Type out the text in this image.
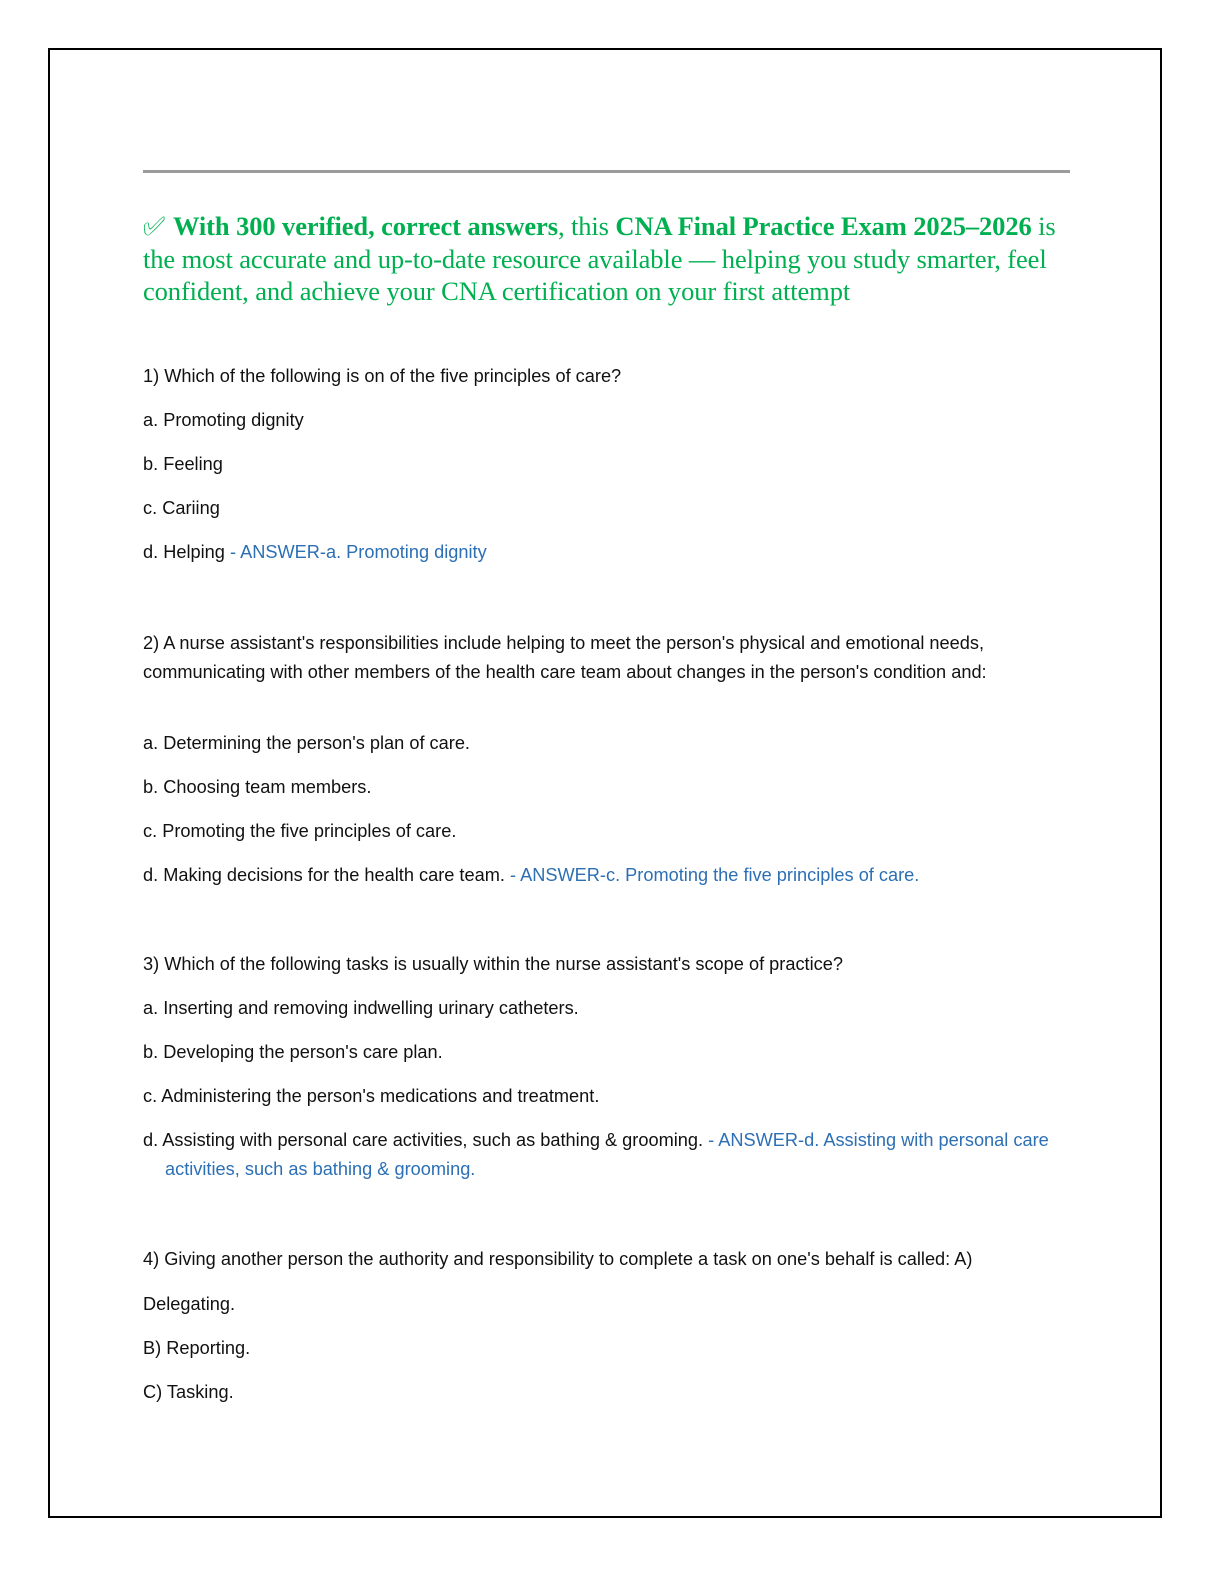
✅︎ With 300 verified, correct answers, this CNA Final Practice Exam 2025–2026 is the most accurate and up-to-date resource available — helping you study smarter, feel confident, and achieve your CNA certification on your first attempt
1) Which of the following is on of the five principles of care?
a. Promoting dignity
b. Feeling
c. Cariing
d. Helping - ANSWER-a. Promoting dignity
2) A nurse assistant's responsibilities include helping to meet the person's physical and emotional needs, communicating with other members of the health care team about changes in the person's condition and:
a. Determining the person's plan of care.
b. Choosing team members.
c. Promoting the five principles of care.
d. Making decisions for the health care team. - ANSWER-c. Promoting the five principles of care.
3) Which of the following tasks is usually within the nurse assistant's scope of practice?
a. Inserting and removing indwelling urinary catheters.
b. Developing the person's care plan.
c. Administering the person's medications and treatment.
d. Assisting with personal care activities, such as bathing & grooming. - ANSWER-d. Assisting with personal care activities, such as bathing & grooming.
4) Giving another person the authority and responsibility to complete a task on one's behalf is called: A)
Delegating.
B) Reporting.
C) Tasking.
